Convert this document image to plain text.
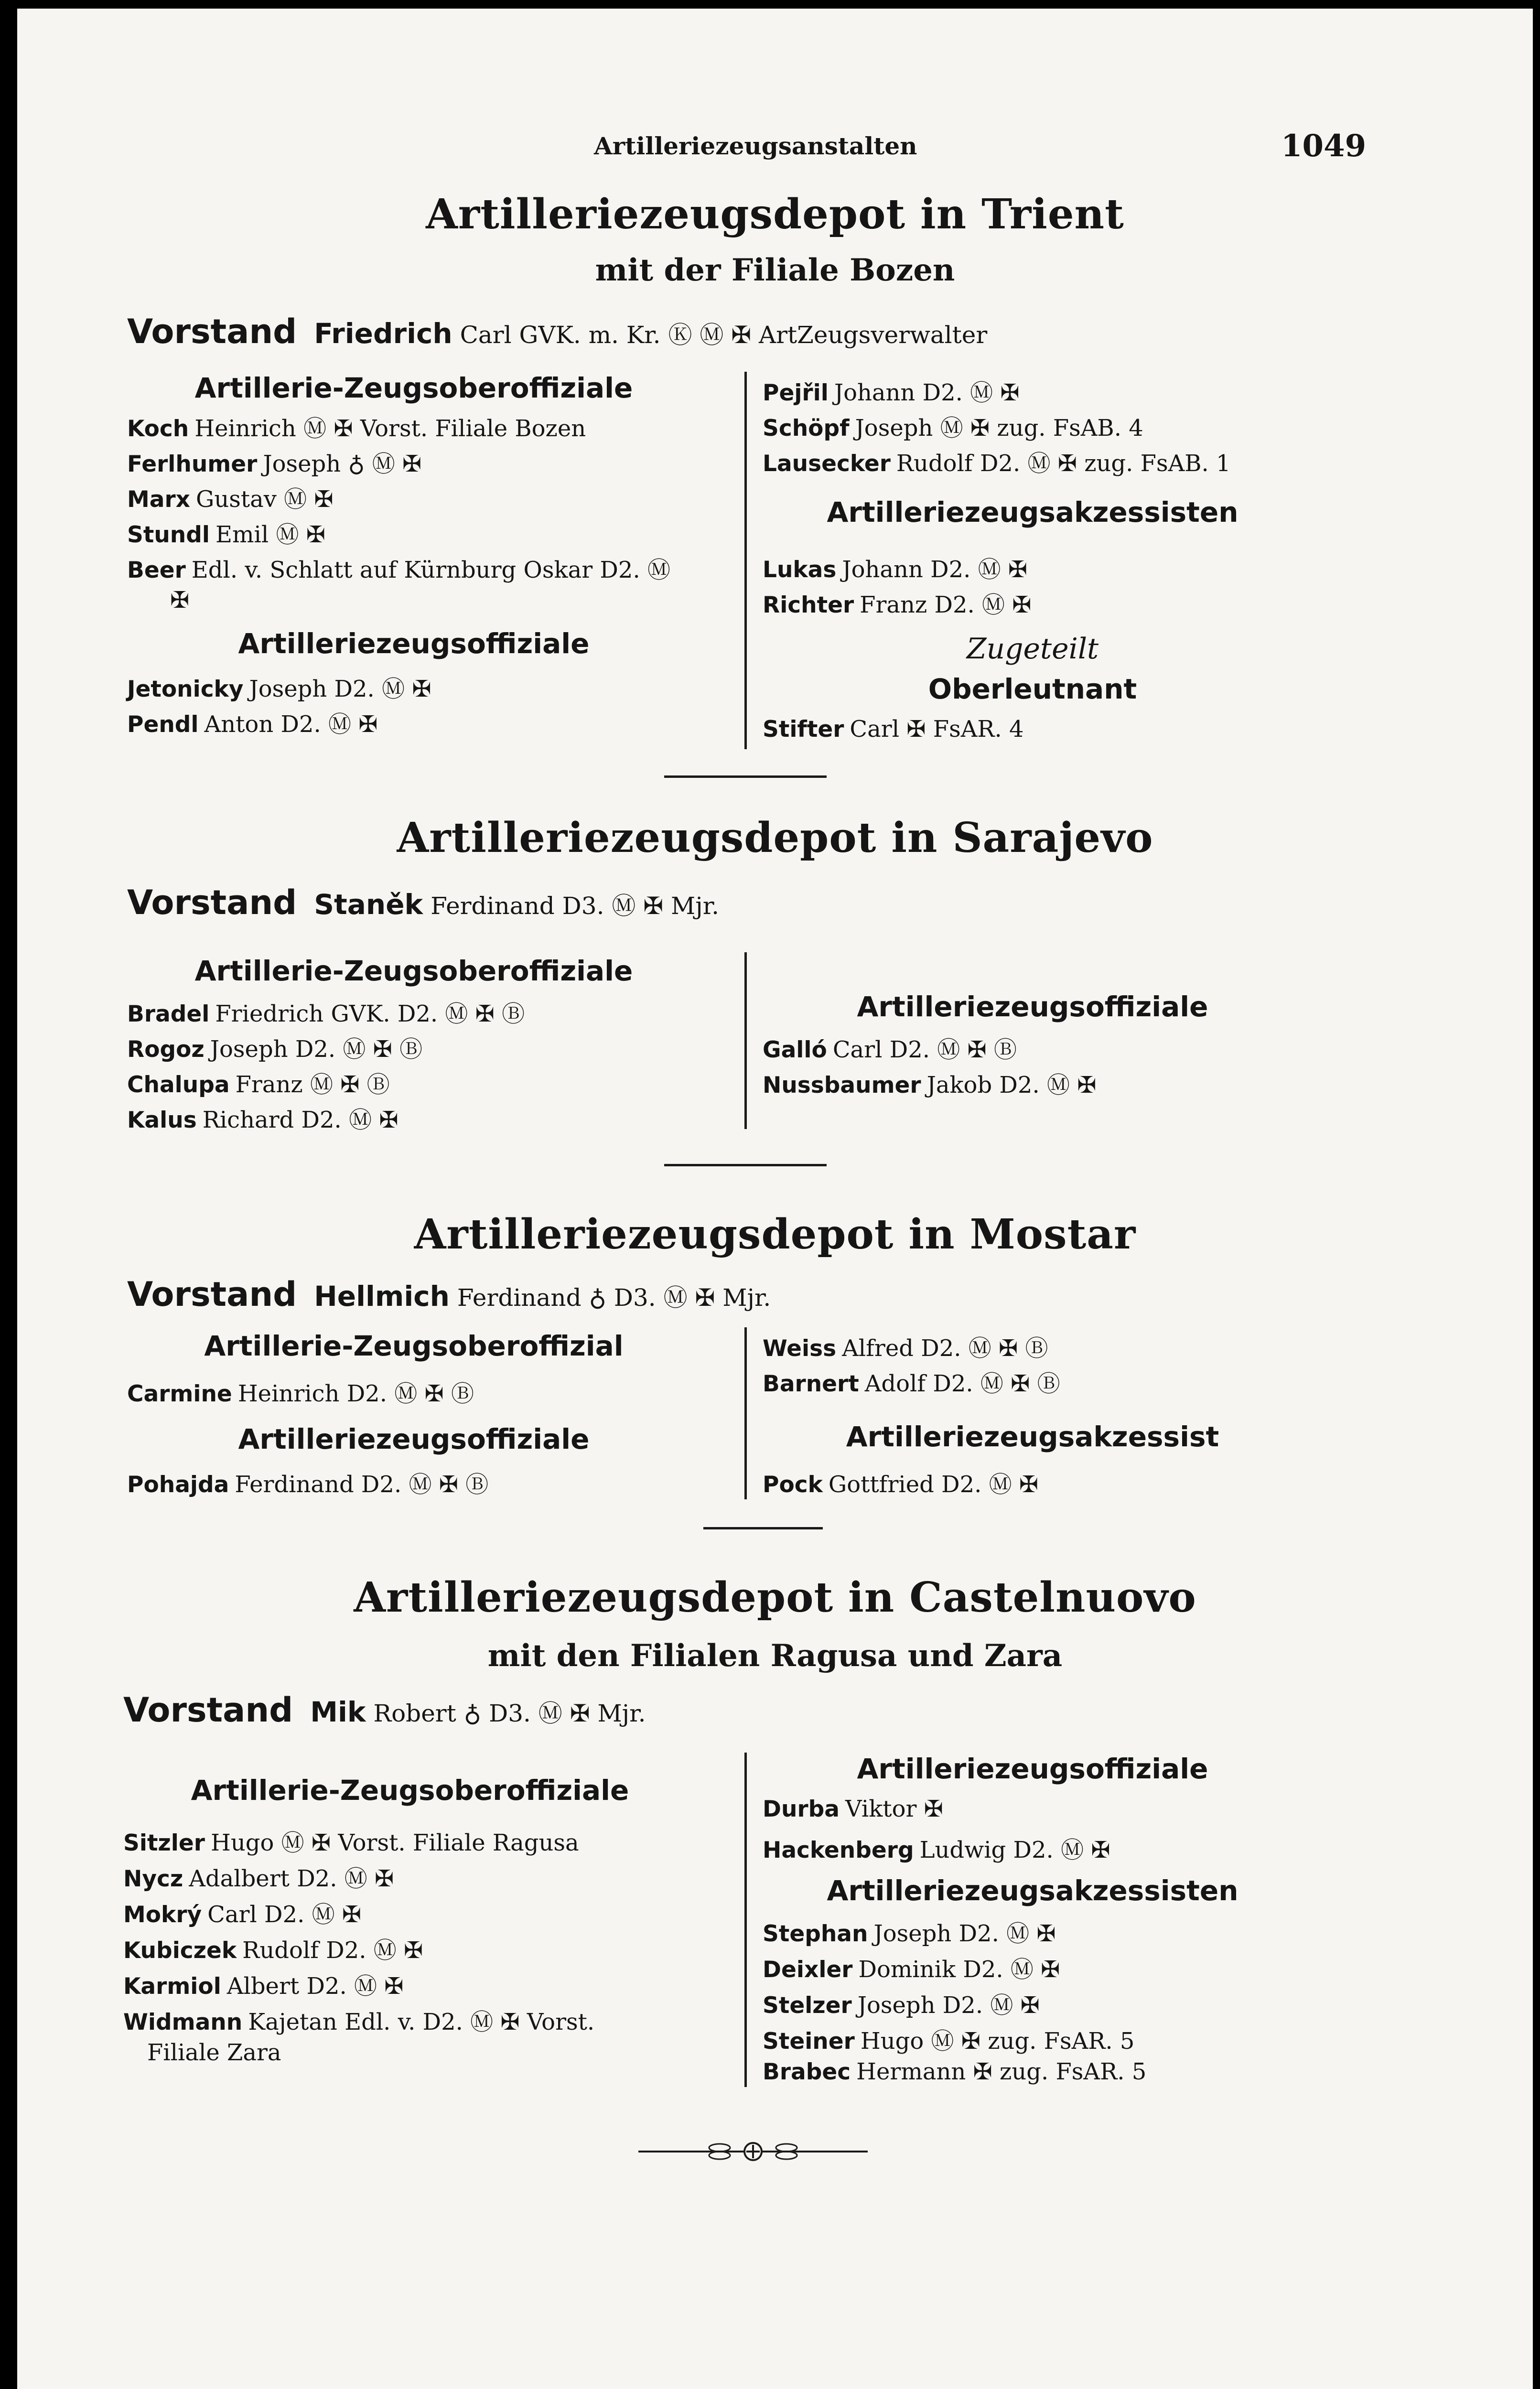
Artilleriezeugsanstalten	1049
Artilleriezeugsdepot in Trient
mit der Filiale Bozen
Vorstand Friedrich Carl GVK. m. Kr. Ⓚ Ⓜ ✠ ArtZeugsverwalter
Artillerie-Zeugsoberoffiziale
Koch Heinrich Ⓜ ✠ Vorst. Filiale Bozen
Ferlhumer Joseph ♁ Ⓜ ✠
Marx Gustav Ⓜ ✠
Stundl Emil Ⓜ ✠
Beer Edl. v. Schlatt auf Kürnburg Oskar D2. Ⓜ
✠
Artilleriezeugsoffiziale
Jetonicky Joseph D2. Ⓜ ✠
Pendl Anton D2. Ⓜ ✠
Pejřil Johann D2. Ⓜ ✠
Schöpf Joseph Ⓜ ✠ zug. FsAB. 4
Lausecker Rudolf D2. Ⓜ ✠ zug. FsAB. 1
Artilleriezeugsakzessisten
Lukas Johann D2. Ⓜ ✠
Richter Franz D2. Ⓜ ✠
Zugeteilt
Oberleutnant
Stifter Carl ✠ FsAR. 4
Artilleriezeugsdepot in Sarajevo
Vorstand Staněk Ferdinand D3. Ⓜ ✠ Mjr.
Artillerie-Zeugsoberoffiziale
Bradel Friedrich GVK. D2. Ⓜ ✠ Ⓑ
Rogoz Joseph D2. Ⓜ ✠ Ⓑ
Chalupa Franz Ⓜ ✠ Ⓑ
Kalus Richard D2. Ⓜ ✠
Artilleriezeugsoffiziale
Galló Carl D2. Ⓜ ✠ Ⓑ
Nussbaumer Jakob D2. Ⓜ ✠
Artilleriezeugsdepot in Mostar
Vorstand Hellmich Ferdinand ♁ D3. Ⓜ ✠ Mjr.
Artillerie-Zeugsoberoffizial
Carmine Heinrich D2. Ⓜ ✠ Ⓑ
Artilleriezeugsoffiziale
Pohajda Ferdinand D2. Ⓜ ✠ Ⓑ
Weiss Alfred D2. Ⓜ ✠ Ⓑ
Barnert Adolf D2. Ⓜ ✠ Ⓑ
Artilleriezeugsakzessist
Pock Gottfried D2. Ⓜ ✠
Artilleriezeugsdepot in Castelnuovo
mit den Filialen Ragusa und Zara
Vorstand Mik Robert ♁ D3. Ⓜ ✠ Mjr.
Artillerie-Zeugsoberoffiziale
Sitzler Hugo Ⓜ ✠ Vorst. Filiale Ragusa
Nycz Adalbert D2. Ⓜ ✠
Mokrý Carl D2. Ⓜ ✠
Kubiczek Rudolf D2. Ⓜ ✠
Karmiol Albert D2. Ⓜ ✠
Widmann Kajetan Edl. v. D2. Ⓜ ✠ Vorst.
Filiale Zara
Artilleriezeugsoffiziale
Durba Viktor ✠
Hackenberg Ludwig D2. Ⓜ ✠
Artilleriezeugsakzessisten
Stephan Joseph D2. Ⓜ ✠
Deixler Dominik D2. Ⓜ ✠
Stelzer Joseph D2. Ⓜ ✠
Steiner Hugo Ⓜ ✠ zug. FsAR. 5
Brabec Hermann ✠ zug. FsAR. 5
